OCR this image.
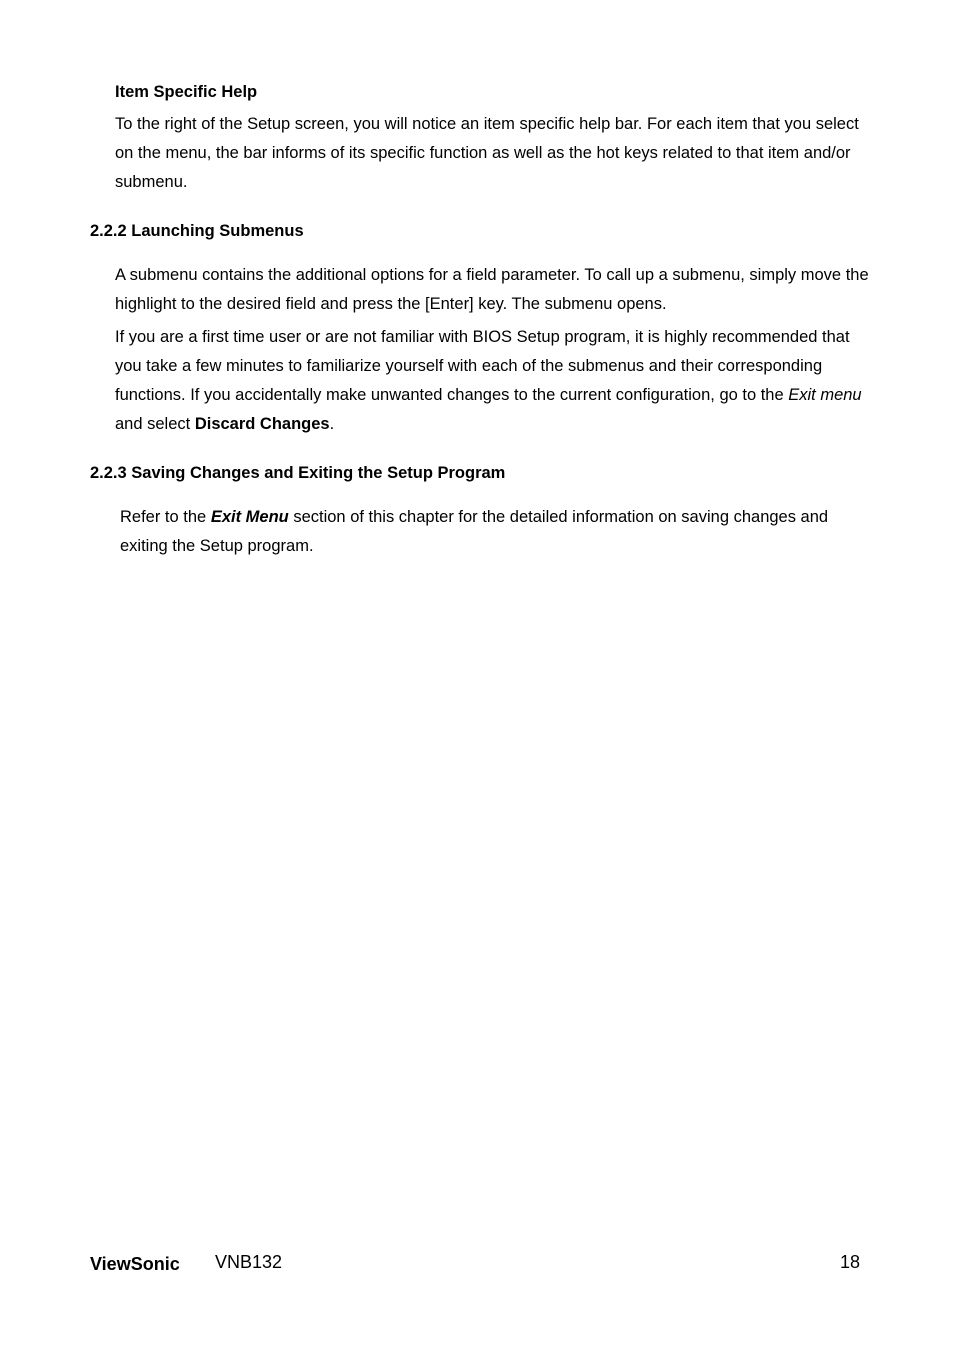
Item Specific Help

To the right of the Setup screen, you will notice an item specific help bar. For each item that you select on the menu, the bar informs of its specific function as well as the hot keys related to that item and/or submenu.

2.2.2 Launching Submenus

A submenu contains the additional options for a field parameter. To call up a submenu, simply move the highlight to the desired field and press the [Enter] key. The submenu opens.

If you are a first time user or are not familiar with BIOS Setup program, it is highly recommended that you take a few minutes to familiarize yourself with each of the submenus and their corresponding functions. If you accidentally make unwanted changes to the current configuration, go to the Exit menu and select Discard Changes.

2.2.3 Saving Changes and Exiting the Setup Program

Refer to the Exit Menu section of this chapter for the detailed information on saving changes and exiting the Setup program.

ViewSonic VNB132	18
